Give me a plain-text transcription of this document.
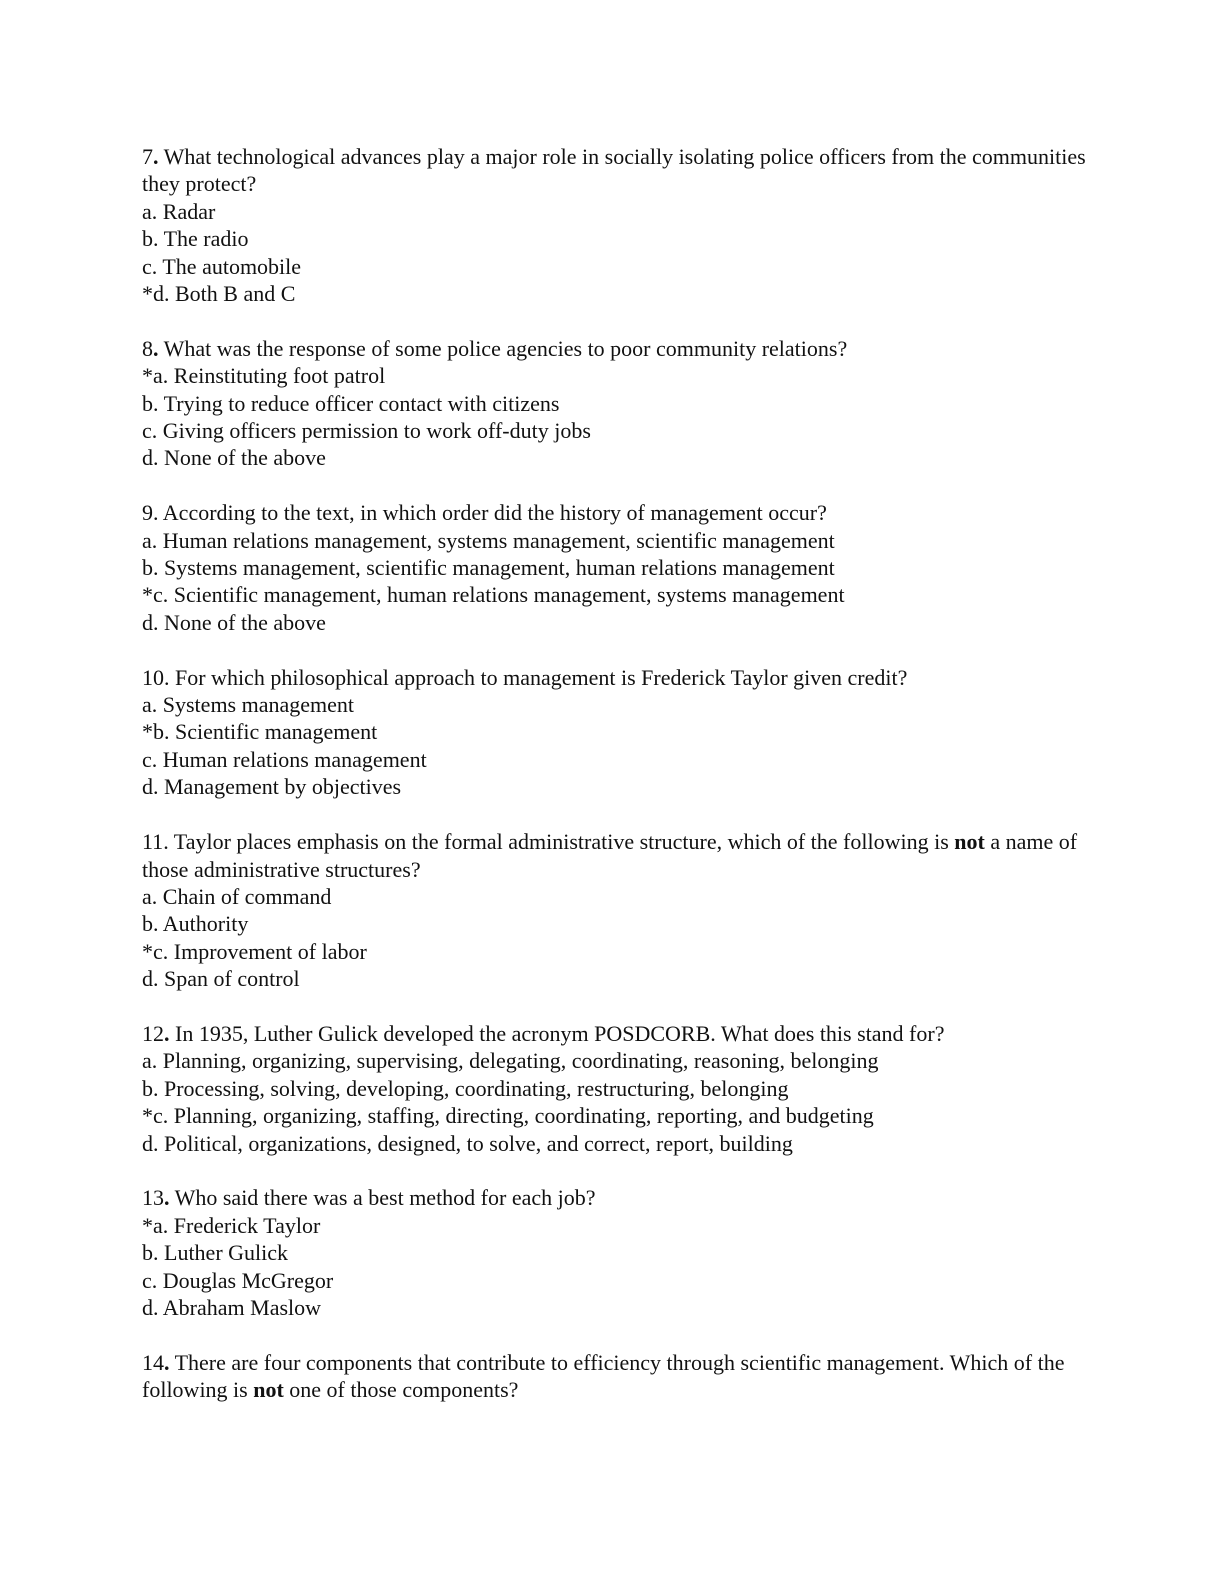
7. What technological advances play a major role in socially isolating police officers from the communities they protect?

a. Radar
b. The radio
c. The automobile
*d. Both B and C

8. What was the response of some police agencies to poor community relations?

*a. Reinstituting foot patrol
b. Trying to reduce officer contact with citizens
c. Giving officers permission to work off-duty jobs
d. None of the above

9. According to the text, in which order did the history of management occur?

a. Human relations management, systems management, scientific management
b. Systems management, scientific management, human relations management
*c. Scientific management, human relations management, systems management
d. None of the above

10. For which philosophical approach to management is Frederick Taylor given credit?

a. Systems management
*b. Scientific management
c. Human relations management
d. Management by objectives

11. Taylor places emphasis on the formal administrative structure, which of the following is not a name of those administrative structures?

a. Chain of command
b. Authority
*c. Improvement of labor
d. Span of control

12. In 1935, Luther Gulick developed the acronym POSDCORB. What does this stand for?

a. Planning, organizing, supervising, delegating, coordinating, reasoning, belonging
b. Processing, solving, developing, coordinating, restructuring, belonging
*c. Planning, organizing, staffing, directing, coordinating, reporting, and budgeting
d. Political, organizations, designed, to solve, and correct, report, building

13. Who said there was a best method for each job?

*a. Frederick Taylor
b. Luther Gulick
c. Douglas McGregor
d. Abraham Maslow

14. There are four components that contribute to efficiency through scientific management. Which of the following is not one of those components?
